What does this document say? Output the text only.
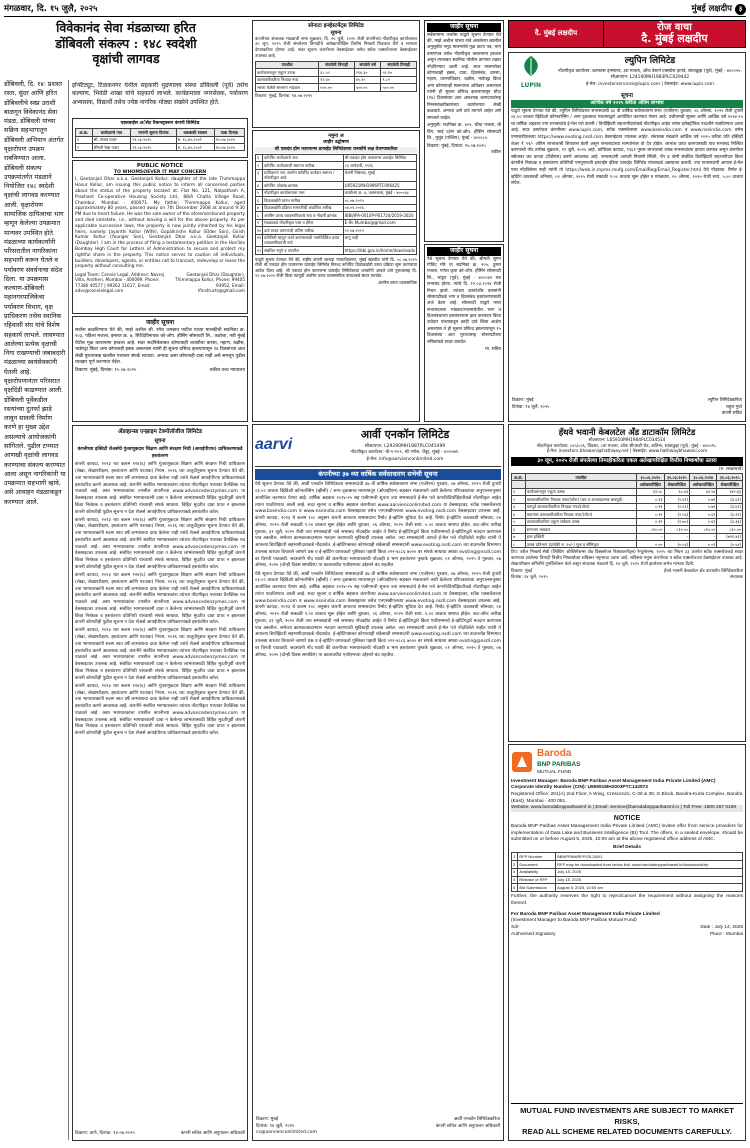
मंगळवार, दि. १५ जुलै, २०२५	मुंबई लक्षदीप ३
विवेकानंद सेवा मंडळाच्या हरित
डोंबिवली संकल्प : १४८ स्वदेशी
वृक्षांची लागवड

डोंबिवली, दि. १४: प्रशस्त रस्ता, सुंदर आणि हरित डोंबिवलीचे स्वप्न उराशी बाळगून विवेकानंद सेवा मंडळ, डोंबिवली यांच्या सक्रिय सहभागातून डोंबिवली अभियान अंतर्गत वृक्षारोपण उपक्रम राबविण्यात आला. डोंबिवली संकल्प उपक्रमांतर्गत मंडळाने नियोजित १४८ स्वदेशी वृक्षांची लागवड करण्यात आली. वृक्षारोपण सामाजिक दायित्वाचा भाग म्हणून केलेल्या उपक्रमात मान्यवर उपस्थित होते. मंडळाच्या कार्यकर्त्यांनी परिसरातील नागरिकांना सहभागी करून घेतले व पर्यावरण संवर्धनाचा संदेश दिला. या उपक्रमास कल्याण-डोंबिवली महानगरपालिकेचा पर्यावरण विभाग, वृक्ष प्राधिकरण तसेच स्थानिक रहिवासी संघ यांचे विशेष सहकार्य लाभले. लावण्यात आलेल्या प्रत्येक वृक्षाची निगा राखण्याची जबाबदारी मंडळाच्या स्वयंसेवकांनी घेतली आहे. वृक्षारोपणानंतर परिसरात वृक्षदिंडी काढण्यात आली. डोंबिवली पूर्वेकडील रस्त्यांच्या दुतर्फा झाडे लावून सावली निर्माण करणे हा मुख्य उद्देश असल्याचे आयोजकांनी सांगितले. पुढील टप्प्यात आणखी वृक्षांची लागवड करण्याचा संकल्प करण्यात आला असून नागरिकांनी या उपक्रमात सहभागी व्हावे, असे आवाहन मंडळाकडून करण्यात आले.

इन्स्टिट्यूट, टिळकनगर येथील सहकारी मुद्रणालय संस्था डोंबिवली (पूर्व) तसेच कल्याण, भिवंडी शाखा यांचे सहकार्य लाभले. कार्यक्रमाला नगरसेवक, पर्यावरण अभ्यासक, विद्यार्थी तसेच ज्येष्ठ नागरिक मोठ्या संख्येने उपस्थित होते.

एडलवाईस अॅसेट रिकन्स्ट्रक्शन कंपनी लिमिटेड
अ.क्र.	कर्जदाराचे नाव	मागणी सूचना दिनांक	थकबाकी रक्कम	ताबा दिनांक
१	श्री. संजय पवार	२१.०३.२०२५	रु. १८,४५,२००/-	१०.०७.२०२५
२	श्रीमती रेखा पवार	२१.०३.२०२५	रु. १८,४५,२००/-	१०.०७.२०२५
PUBLIC NOTICE
TO WHOMSOEVER IT MAY CONCERN

I, Geetanjali Dhar a.k.a. Geetanjali Kollur, daughter of the late Thimmappa Hosur Kollur, am issuing this public notice to inform all concerned parties about the status of the property located at: Flat No. 121, Nalpatham A, Prashant Co-operative Housing Society Ltd., 88/A Chatla Village Road, Chembur, Mumbai - 400071. My father, Thimmappa Kollur, aged approximately 80 years, passed away on 7th December 2008 at around 9:30 PM due to heart failure. He was the sole owner of the aforementioned property and died intestate, i.e., without leaving a will for the above property. As per applicable succession laws, the property is now jointly inherited by his legal heirs, namely: Jayanthi Kollur (Wife), Gopalkrishn Kollur (Elder Son), Girish Kumar Kollur (Younger Son), Geetanjali Dhar a.k.a. Geetanjali Kollur (Daughter). I am in the process of filing a testamentary petition in the Hon'ble Bombay High Court for Letters of Administration to secure and protect my rightful share in the property. This notice serves to caution all individuals, builders, developers, agents, or entities not to transact, redevelop or lease the property without consulting me.

Legal Team: Connie Legal, Address: Navroj Villa, Andheri, Mumbai - 400099. Phone: 77386 40577 | 99262 11617, Email: advs@connielegal.com
Geetanjali Dhar (Daughter), Thimmappa Kollur, Phone: 99405 93952, Email: lfinstructs@gmail.com
जाहीर सूचना

सर्वांना कळविण्यात येते की, माझे अशील श्री. रमेश जगन्नाथ पाटील यांच्या मालकीची सदनिका क्र. १०३, पहिला मजला, इमारत क्र. ७, सिध्दिविनायक को-ऑप. हौसिंग सोसायटी लि., तळोजा, नवी मुंबई येथील मूळ करारनामा हरवला आहे. सदर सदनिकेबाबत कोणत्याही व्यक्तीचा वारसा, गहाण, बक्षीस, भाडेपट्टा किंवा अन्य कोणताही हक्क असल्यास त्यांनी ही सूचना प्रसिध्द झाल्यापासून १४ दिवसांच्या आत लेखी पुराव्यासह खालील पत्त्यावर संपर्क साधावा. अन्यथा असा कोणताही दावा नाही असे समजून पुढील व्यवहार पूर्ण करण्यात येईल.

ठिकाण: मुंबई, दिनांक: १५.०७.२०२५	वकील उच्च न्यायालय
ॲडव्हान्स्ड एन्झाइम टेक्नॉलॉजीज लिमिटेड
सूचना
कंपनीच्या इक्विटी शेअर्सचे गुंतवणूकदार शिक्षण आणि संरक्षण निधी (आयईपीएफ) प्राधिकरणाकडे हस्तांतरण

कंपनी कायदा, २०१३ च्या कलम १२४(६) आणि गुंतवणूकदार शिक्षण आणि संरक्षण निधी प्राधिकरण (लेखा, लेखापरीक्षण, हस्तांतरण आणि परतावा) नियम, २०१६ च्या तरतुदीनुसार सूचना देण्यात येते की, ज्या भागधारकांनी सलग सात वर्षे लाभांशाचा दावा केलेला नाही त्यांचे शेअर्स आयईपीएफ प्राधिकरणाकडे हस्तांतरित करणे आवश्यक आहे. कंपनीने संबंधित भागधारकांना त्यांच्या नोंदणीकृत पत्त्यावर वैयक्तिक पत्र पाठवले आहे. अशा भागधारकांचा तपशील कंपनीच्या www.advancedenzymes.com या वेबसाइटवर उपलब्ध आहे. संबंधित भागधारकांनी दावा न केलेल्या लाभांशासाठी विहित मुदतीपूर्वी कंपनी किंवा निबंधक व हस्तांतरण प्रतिनिधी यांच्याशी संपर्क साधावा. विहित मुदतीत दावा प्राप्त न झाल्यास कंपनी कोणतीही पुढील सूचना न देता शेअर्स आयईपीएफ प्राधिकरणाकडे हस्तांतरित करेल.

कंपनी कायदा, २०१३ च्या कलम १२४(६) आणि गुंतवणूकदार शिक्षण आणि संरक्षण निधी प्राधिकरण (लेखा, लेखापरीक्षण, हस्तांतरण आणि परतावा) नियम, २०१६ च्या तरतुदीनुसार सूचना देण्यात येते की, ज्या भागधारकांनी सलग सात वर्षे लाभांशाचा दावा केलेला नाही त्यांचे शेअर्स आयईपीएफ प्राधिकरणाकडे हस्तांतरित करणे आवश्यक आहे. कंपनीने संबंधित भागधारकांना त्यांच्या नोंदणीकृत पत्त्यावर वैयक्तिक पत्र पाठवले आहे. अशा भागधारकांचा तपशील कंपनीच्या www.advancedenzymes.com या वेबसाइटवर उपलब्ध आहे. संबंधित भागधारकांनी दावा न केलेल्या लाभांशासाठी विहित मुदतीपूर्वी कंपनी किंवा निबंधक व हस्तांतरण प्रतिनिधी यांच्याशी संपर्क साधावा. विहित मुदतीत दावा प्राप्त न झाल्यास कंपनी कोणतीही पुढील सूचना न देता शेअर्स आयईपीएफ प्राधिकरणाकडे हस्तांतरित करेल.

कंपनी कायदा, २०१३ च्या कलम १२४(६) आणि गुंतवणूकदार शिक्षण आणि संरक्षण निधी प्राधिकरण (लेखा, लेखापरीक्षण, हस्तांतरण आणि परतावा) नियम, २०१६ च्या तरतुदीनुसार सूचना देण्यात येते की, ज्या भागधारकांनी सलग सात वर्षे लाभांशाचा दावा केलेला नाही त्यांचे शेअर्स आयईपीएफ प्राधिकरणाकडे हस्तांतरित करणे आवश्यक आहे. कंपनीने संबंधित भागधारकांना त्यांच्या नोंदणीकृत पत्त्यावर वैयक्तिक पत्र पाठवले आहे. अशा भागधारकांचा तपशील कंपनीच्या www.advancedenzymes.com या वेबसाइटवर उपलब्ध आहे. संबंधित भागधारकांनी दावा न केलेल्या लाभांशासाठी विहित मुदतीपूर्वी कंपनी किंवा निबंधक व हस्तांतरण प्रतिनिधी यांच्याशी संपर्क साधावा. विहित मुदतीत दावा प्राप्त न झाल्यास कंपनी कोणतीही पुढील सूचना न देता शेअर्स आयईपीएफ प्राधिकरणाकडे हस्तांतरित करेल.

कंपनी कायदा, २०१३ च्या कलम १२४(६) आणि गुंतवणूकदार शिक्षण आणि संरक्षण निधी प्राधिकरण (लेखा, लेखापरीक्षण, हस्तांतरण आणि परतावा) नियम, २०१६ च्या तरतुदीनुसार सूचना देण्यात येते की, ज्या भागधारकांनी सलग सात वर्षे लाभांशाचा दावा केलेला नाही त्यांचे शेअर्स आयईपीएफ प्राधिकरणाकडे हस्तांतरित करणे आवश्यक आहे. कंपनीने संबंधित भागधारकांना त्यांच्या नोंदणीकृत पत्त्यावर वैयक्तिक पत्र पाठवले आहे. अशा भागधारकांचा तपशील कंपनीच्या www.advancedenzymes.com या वेबसाइटवर उपलब्ध आहे. संबंधित भागधारकांनी दावा न केलेल्या लाभांशासाठी विहित मुदतीपूर्वी कंपनी किंवा निबंधक व हस्तांतरण प्रतिनिधी यांच्याशी संपर्क साधावा. विहित मुदतीत दावा प्राप्त न झाल्यास कंपनी कोणतीही पुढील सूचना न देता शेअर्स आयईपीएफ प्राधिकरणाकडे हस्तांतरित करेल.

कंपनी कायदा, २०१३ च्या कलम १२४(६) आणि गुंतवणूकदार शिक्षण आणि संरक्षण निधी प्राधिकरण (लेखा, लेखापरीक्षण, हस्तांतरण आणि परतावा) नियम, २०१६ च्या तरतुदीनुसार सूचना देण्यात येते की, ज्या भागधारकांनी सलग सात वर्षे लाभांशाचा दावा केलेला नाही त्यांचे शेअर्स आयईपीएफ प्राधिकरणाकडे हस्तांतरित करणे आवश्यक आहे. कंपनीने संबंधित भागधारकांना त्यांच्या नोंदणीकृत पत्त्यावर वैयक्तिक पत्र पाठवले आहे. अशा भागधारकांचा तपशील कंपनीच्या www.advancedenzymes.com या वेबसाइटवर उपलब्ध आहे. संबंधित भागधारकांनी दावा न केलेल्या लाभांशासाठी विहित मुदतीपूर्वी कंपनी किंवा निबंधक व हस्तांतरण प्रतिनिधी यांच्याशी संपर्क साधावा. विहित मुदतीत दावा प्राप्त न झाल्यास कंपनी कोणतीही पुढील सूचना न देता शेअर्स आयईपीएफ प्राधिकरणाकडे हस्तांतरित करेल.

ठिकाण: ठाणे, दिनांक: १४.०७.२०२५	कंपनी सचिव आणि अनुपालन अधिकारी
सोनाटा इन्व्हेस्टमेंट्स लिमिटेड
सूचना

कंपनीच्या संचालक मंडळाची सभा शुक्रवार, दि. २५ जुलै, २०२५ रोजी कंपनीच्या नोंदणीकृत कार्यालयात ३० जून, २०२५ रोजी संपलेल्या तिमाहीचे अलेखापरिक्षित वित्तीय निष्कर्ष विचारात घेणे व मान्यता देण्याकरिता होणार आहे. सदर सूचना कंपनीच्या वेबसाईटवर तसेच स्टॉक एक्सचेंजच्या वेबसाईटवर उपलब्ध आहे.

तपशील	संपलेली तिमाही	संपलेले वर्ष	संपलेली तिमाही
कार्यचलनातून एकूण उत्पन्न	६८.५२	२१४.३०	५२.१०
कालावधीकरिता निव्वळ नफा	१२.४०	४५.२०	९.८०
भरणा केलेले समभाग भांडवल	५००.००	५००.००	५००.००
ठिकाण: मुंबई, दिनांक: १४.०७.२०२५
नमुना अ
जाहीर उद्घोषणा
श्री एकदंत होम फायनान्स प्रायव्हेट लिमिटेडच्या धनकोंचे लक्ष वेधण्याकरिता
१	कॉर्पोरेट कर्जदाराचे नाव	श्री एकदंत होम फायनान्स प्रायव्हेट लिमिटेड
२	कॉर्पोरेट कर्जदाराची स्थापना तारीख	२३ जानेवारी, १९९६
३	प्राधिकरण ज्या अंतर्गत कॉर्पोरेट कर्जदार स्थापन / नोंदणीकृत आहे	कंपनी निबंधक, मुंबई
४	कॉर्पोरेट ओळख क्रमांक	U65921MH1996PTC096425
५	नोंदणीकृत कार्यालयाचा पत्ता	कार्यालय क्र. ४, तळमजला, मुंबई - ४०००६४
६	दिवाळखोरी प्रारंभ तारीख	०८.०७.२०२५
७	दिवाळखोरी प्रक्रिया समाप्तीची अंदाजित तारीख	०४.०१.२०२६
८	अंतरिम ठराव व्यावसायिकाचे नाव व नोंदणी क्रमांक	IBBI/IPA-001/IP-P01724/2019-2020
९	मंडळाकडे नोंदणीकृत पत्ता व ईमेल	E-Ifc.Mumbai@gmail.com
१०	दावे सादर करण्याची अंतिम तारीख	२२.०७.२०२५
११	प्रतिनिधी म्हणून कार्य करण्यासाठी नामनिर्देशित ठराव व्यावसायिकांची नावे	लागू नाही
१२	संबंधित नमुने व तपशील	https://ibbi.gov.in/home/downloads

याद्वारे सूचना देण्यात येते की, राष्ट्रीय कंपनी कायदा न्यायाधिकरण, मुंबई खंडपीठ यांनी दि. ०८.०७.२०२५ रोजी श्री एकदंत होम फायनान्स प्रायव्हेट लिमिटेड विरुध्द कॉर्पोरेट दिवाळखोरी ठराव प्रक्रिया सुरू करण्याचा आदेश दिला आहे. श्री एकदंत होम फायनान्स प्रायव्हेट लिमिटेडच्या धनकोंनी आपले दावे पुराव्यासह दि. २२.०७.२०२५ रोजी किंवा त्यापूर्वी अंतरिम ठराव व्यावसायिक यांच्याकडे सादर करावेत.

अंतरिम ठराव व्यावसायिक
aarvi
आर्वी एनकॉन लिमिटेड
सीआयएन: L29290MH1987PLC045499
नोंदणीकृत कार्यालय: बी-१-१०२, श्री गणेश, चेंबूर, मुंबई - ४०००७१.
ई-मेल: info@aarvienconlimited.com
कंपनीच्या ३७ व्या वार्षिक सर्वसाधारण सभेची सूचना

येथे सूचना देण्यात येते की, आर्वी एनकॉन लिमिटेडच्या सभासदांची ३७ वी वार्षिक सर्वसाधारण सभा (एजीएम) गुरुवार, ०७ ऑगस्ट, २०२५ रोजी दुपारी ०३.०० वाजता व्हिडिओ कॉन्फरन्सिंग (व्हीसी) / अन्य दृकश्राव्य माध्यमातून (ओएव्हीएम) सहकार मंत्रालयाने जारी केलेल्या परिपत्रकांच्या अनुपालनानुसार आयोजित करण्यात येणार आहे. वार्षिक अहवाल २०२४-२५ सह एजीएमची सूचना ज्या सभासदांचे ई-मेल पत्ते कंपनी/डिपॉझिटरीकडे नोंदणीकृत आहेत त्यांना पाठविण्यात आली आहे. सदर सूचना व वार्षिक अहवाल कंपनीच्या www.aarvienconlimited.com या वेबसाइटवर, स्टॉक एक्सचेंजच्या www.bseindia.com व www.nseindia.com वेबसाइटवर तसेच एनएसडीएलच्या www.evoting.nsdl.com वेबसाइटवर उपलब्ध आहे. कंपनी कायदा, २०१३ चे कलम १०८ अनुसार कंपनी आपल्या सभासदांना रिमोट ई-व्होटिंग सुविधा देत आहे. रिमोट ई-व्होटिंग कालावधी सोमवार, ०४ ऑगस्ट, २०२५ रोजी सकाळी ९.०० वाजता सुरू होईल आणि बुधवार, ०६ ऑगस्ट, २०२५ रोजी सायं. ५.०० वाजता समाप्त होईल. कट-ऑफ तारीख गुरुवार, ३१ जुलै, २०२५ रोजी ज्या सभासदांची नावे सभासद नोंदवहीत आहेत ते रिमोट ई-व्होटिंगद्वारे किंवा एजीएममध्ये ई-व्होटिंगद्वारे मतदान करण्यास पात्र असतील. सभेच्या कामकाजादरम्यान मतदान करण्याची सुविधाही उपलब्ध असेल. ज्या सभासदांनी आपले ई-मेल पत्ते नोंदविलेले नाहीत त्यांनी ते आपल्या डिपॉझिटरी सहभागीदाराकडे नोंदवावेत. ई-व्होटिंगबाबत कोणत्याही शंकेसाठी सभासदांनी www.evoting.nsdl.com च्या डाउनलोड विभागात उपलब्ध वारंवार विचारले जाणारे प्रश्न व ई-व्होटिंग वापरकर्ता पुस्तिका पहावी किंवा ०२२-४८८६ ७००० वर संपर्क साधावा अथवा evoting@nsdl.com वर विनंती पाठवावी. सदस्यांनी नोंद घ्यावी की कंपनीच्या भागधारकांची नोंदवही व भाग हस्तांतरण पुस्तके शुक्रवार, ०१ ऑगस्ट, २०२५ ते गुरुवार, ०७ ऑगस्ट, २०२५ (दोन्ही दिवस समाविष्ट) या कालावधीत एजीएमच्या उद्देशाने बंद राहतील.

येथे सूचना देण्यात येते की, आर्वी एनकॉन लिमिटेडच्या सभासदांची ३७ वी वार्षिक सर्वसाधारण सभा (एजीएम) गुरुवार, ०७ ऑगस्ट, २०२५ रोजी दुपारी ०३.०० वाजता व्हिडिओ कॉन्फरन्सिंग (व्हीसी) / अन्य दृकश्राव्य माध्यमातून (ओएव्हीएम) सहकार मंत्रालयाने जारी केलेल्या परिपत्रकांच्या अनुपालनानुसार आयोजित करण्यात येणार आहे. वार्षिक अहवाल २०२४-२५ सह एजीएमची सूचना ज्या सभासदांचे ई-मेल पत्ते कंपनी/डिपॉझिटरीकडे नोंदणीकृत आहेत त्यांना पाठविण्यात आली आहे. सदर सूचना व वार्षिक अहवाल कंपनीच्या www.aarvienconlimited.com या वेबसाइटवर, स्टॉक एक्सचेंजच्या www.bseindia.com व www.nseindia.com वेबसाइटवर तसेच एनएसडीएलच्या www.evoting.nsdl.com वेबसाइटवर उपलब्ध आहे. कंपनी कायदा, २०१३ चे कलम १०८ अनुसार कंपनी आपल्या सभासदांना रिमोट ई-व्होटिंग सुविधा देत आहे. रिमोट ई-व्होटिंग कालावधी सोमवार, ०४ ऑगस्ट, २०२५ रोजी सकाळी ९.०० वाजता सुरू होईल आणि बुधवार, ०६ ऑगस्ट, २०२५ रोजी सायं. ५.०० वाजता समाप्त होईल. कट-ऑफ तारीख गुरुवार, ३१ जुलै, २०२५ रोजी ज्या सभासदांची नावे सभासद नोंदवहीत आहेत ते रिमोट ई-व्होटिंगद्वारे किंवा एजीएममध्ये ई-व्होटिंगद्वारे मतदान करण्यास पात्र असतील. सभेच्या कामकाजादरम्यान मतदान करण्याची सुविधाही उपलब्ध असेल. ज्या सभासदांनी आपले ई-मेल पत्ते नोंदविलेले नाहीत त्यांनी ते आपल्या डिपॉझिटरी सहभागीदाराकडे नोंदवावेत. ई-व्होटिंगबाबत कोणत्याही शंकेसाठी सभासदांनी www.evoting.nsdl.com च्या डाउनलोड विभागात उपलब्ध वारंवार विचारले जाणारे प्रश्न व ई-व्होटिंग वापरकर्ता पुस्तिका पहावी किंवा ०२२-४८८६ ७००० वर संपर्क साधावा अथवा evoting@nsdl.com वर विनंती पाठवावी. सदस्यांनी नोंद घ्यावी की कंपनीच्या भागधारकांची नोंदवही व भाग हस्तांतरण पुस्तके शुक्रवार, ०१ ऑगस्ट, २०२५ ते गुरुवार, ०७ ऑगस्ट, २०२५ (दोन्ही दिवस समाविष्ट) या कालावधीत एजीएमच्या उद्देशाने बंद राहतील.

ठिकाण: मुंबई
दिनांक: १४ जुलै, २०२५
cs@aarvienconlimited.com
आर्वी एनकॉन लिमिटेडकरिता
कंपनी सचिव आणि अनुपालन अधिकारी
जाहीर सूचना

सर्वसामान्य जनतेस याद्वारे सूचना देण्यात येते की, माझे अशील यांच्या नावे असलेल्या खालील अनुसूचीत नमूद मालमत्तेचे मूळ वाटप पत्र, भाग प्रमाणपत्र तसेच नोंदणीकृत करारनामा हरवला असून त्याबाबत स्थानिक पोलीस ठाण्यात तक्रार नोंदविण्यात आली आहे. सदर मालमत्तेवर कोणाचाही हक्क, दावा, हितसंबंध, वारसा, गहाण, धारणाधिकार, बक्षीस, भाडेपट्टा किंवा अन्य कोणत्याही स्वरूपाचा अधिकार असल्यास त्यांनी ही सूचना प्रसिध्द झाल्यापासून चौदा (१४) दिवसांच्या आत आवश्यक कागदपत्रांसह निम्नस्वाक्षरीकारांच्या कार्यालयात लेखी कळवावे. अन्यथा असे दावे त्यागले आहेत असे समजले जाईल.

अनुसूची: सदनिका क्र. ४०२, चौथा मजला, बी विंग, साई दर्शन को-ऑप. हौसिंग सोसायटी लि., मुलुंड (पश्चिम), मुंबई - ४०००८०.

ठिकाण: मुंबई, दिनांक: १५.०७.२०२५
वकील
जाहीर सूचना

येथे सूचना देण्यात येते की, श्रीमती सुमन गोविंद मोरे या सदनिका क्र. २०५, दुसरा मजला, गणेश कृपा को-ऑप. हौसिंग सोसायटी लि., भांडुप (पूर्व), मुंबई - ४०००४२ च्या सभासद होत्या. त्यांचे दि. १२.०३.२०२४ रोजी निधन झाले. त्यांच्या कायदेशीर वारसांनी सोसायटीकडे भाग व हितसंबंध हस्तांतरणासाठी अर्ज केला आहे. सोसायटी याद्वारे मयत सभासदाच्या भांडवल/मालमत्तेतील भाग व हितसंबंधाच्या हस्तांतरणास इतर वारसदार किंवा दावेदार यांच्याकडून काही दावे किंवा आक्षेप असल्यास ते ही सूचना प्रसिध्द झाल्यापासून १५ दिवसांच्या आत पुराव्यासह सोसायटीच्या सचिवांकडे सादर करावेत.

मा. सचिव
दै. मुंबई लक्षदीप	रोज वाचा
दै. मुंबई लक्षदीप
LUPIN
ल्युपिन लिमिटेड
नोंदणीकृत कार्यालय: कल्पतरू इन्स्पायर, ३रा मजला, ऑफ वेस्टर्न एक्सप्रेस हायवे, सांताक्रुझ (पूर्व), मुंबई - ४०००५५.
सीआयएन: L24100MH1983PLC029442
ई-मेल: investorservices@lupin.com | वेबसाईट: www.lupin.com
सूचना
आर्थिक वर्ष २०२५ करिता अंतिम लाभांश

याद्वारे सूचना देण्यात येते की, ल्युपिन लिमिटेडच्या सभासदांची ४३ वी वार्षिक सर्वसाधारण सभा (एजीएम) बुधवार, ०६ ऑगस्ट, २०२५ रोजी दुपारी ०४.०० वाजता व्हिडिओ कॉन्फरन्सिंग / अन्य दृकश्राव्य माध्यमाद्वारे आयोजित करण्यात येणार आहे. एजीएमची सूचना आणि आर्थिक वर्ष २०२४-२५ चा वार्षिक अहवाल ज्या सभासदांचे ई-मेल पत्ते कंपनी / डिपॉझिटरी सहभागीदारांकडे नोंदणीकृत आहेत त्यांना इलेक्ट्रॉनिक पध्दतीने पाठविण्यात आला आहे. सदर दस्तऐवज कंपनीच्या www.lupin.com, स्टॉक एक्सचेंजच्या www.bseindia.com व www.nseindia.com तसेच एनएसडीएलच्या https://www.evoting.nsdl.com वेबसाईटवर उपलब्ध आहेत. संचालक मंडळाने आर्थिक वर्ष २०२५ करिता प्रति इक्विटी शेअर ₹ १२/- अंतिम लाभांशाची शिफारस केली असून सभासदांच्या मान्यतेनंतर तो देय होईल. लाभांश प्राप्त करण्यासाठी पात्र सभासद निश्चित करण्याची नोंद तारीख शुक्रवार, ११ जुलै, २०२५ आहे. प्राप्तिकर कायदा, १९६१ नुसार लाभांशाचे उत्पन्न सभासदांच्या हातात करपात्र असून कंपनीला स्त्रोतावर कर कपात (टीडीएस) करणे आवश्यक आहे. सभासदांनी आपली निवासी स्थिती, पॅन व श्रेणी संबंधित डिपॉझिटरी सहभागीदार किंवा कंपनीचे निबंधक व हस्तांतरण प्रतिनिधी एमयूएफजी इनटाईम इंडिया प्रायव्हेट लिमिटेड यांच्याकडे अद्ययावत करावी. ज्या सभासदांनी आपला ई-मेल पत्ता नोंदविलेला नाही त्यांनी तो https://web.in.mpms.mufg.com/EmailReg/Email_Register.html येथे नोंदवावा. रिमोट ई-व्होटिंग कालावधी शनिवार, ०२ ऑगस्ट, २०२५ रोजी सकाळी ९.०० वाजता सुरू होईल व मंगळवार, ०५ ऑगस्ट, २०२५ रोजी सायं. ५.०० वाजता संपेल.

ठिकाण: मुंबई
दिनांक: १४ जुलै, २०२५
ल्युपिन लिमिटेडकरिता
राहुल गुप्ते
कंपनी सचिव
हॅथवे भवानी केबलटेल अँड डाटाकॉम लिमिटेड
सीआयएन: L65910MH1984PLC034514
नोंदणीकृत कार्यालय: ८०५/८०६, विंडसर, ८वा मजला, ऑफ सीएसटी रोड, कलिना, सांताक्रुझ (पूर्व), मुंबई - ४०००९८.
ई-मेल: investors.bhawani@hathway.net | वेबसाईट: www.hathwaybhawani.com
३० जून, २०२५ रोजी संपलेल्या तिमाहीकरिता एकल अलेखापरिक्षित वित्तीय निष्कर्षांचा उतारा
(रु. लाखांमध्ये)
अ.क्र.	तपशील	३०.०६.२०२५	३१.०३.२०२५	३०.०६.२०२४	३१.०३.२०२५
		अलेखापरिक्षित	लेखापरिक्षित	अलेखापरिक्षित	लेखापरिक्षित
१	कार्यचलनातून एकूण उत्पन्न	६१.५८	६०.४३	६१.५४	२४२.६३
२	कालावधीकरिता निव्वळ नफा/(तोटा) (कर व अपवादात्मक बाबपूर्व)	०.११	(२.६९)	०.७९	(३.६१)
३	करपूर्व कालावधीकरिता निव्वळ नफा/(तोटा)	०.११	(२.६९)	०.७९	(३.६१)
४	करानंतर कालावधीकरिता निव्वळ नफा/(तोटा)	०.१९	(२.५६)	०.६१	(३.१९)
५	कालावधीकरिता एकूण सर्वंकष उत्पन्न	०.१९	(२.७०)	०.६१	(३.३३)
६	समभाग भांडवल	८१०.००	८१०.००	८१०.००	८१०.००
७	इतर इक्विटी	-	-	-	(७९९.४१)
८	उत्पन्न प्रतिभाग (प्रत्येकी रु. १०/-) मूळ व सौमिकृत	०.००	(०.०३)	०.०१	(०.०४)

टिप: वरील निष्कर्ष सेबी (लिस्टिंग ऑब्लिगेशन्स अँड डिस्क्लोजर रिक्वायरमेंट्स) रेग्युलेशन्स, २०१५ च्या नियम ३३ अंतर्गत स्टॉक एक्सचेंजकडे सादर करण्यात आलेल्या तिमाही वित्तीय निष्कर्षांच्या सविस्तर नमुन्याचा उतारा आहे. सविस्तर नमुना कंपनीच्या व स्टॉक एक्सचेंजच्या वेबसाईटवर उपलब्ध आहे. लेखापरिक्षण समितीने पुनर्विलोकन केले असून संचालक मंडळाने दि. १४ जुलै, २०२५ रोजी झालेल्या सभेत मान्यता दिली.

ठिकाण: मुंबई
दिनांक: १४ जुलै, २०२५
हॅथवे भवानी केबलटेल अँड डाटाकॉम लिमिटेडकरिता
संचालक
Baroda
BNP PARIBAS
MUTUAL FUND
Investment Manager: Baroda BNP Paribas Asset Management India Private Limited (AMC)
Corporate Identity Number (CIN): U65991MH2003PTC142972
Registered Office: 201(A) 2nd Floor, A Wing, Crescenzo, C-38 & 39, G Block, Bandra-Kurla Complex, Bandra (East), Mumbai - 400 051.
Website: www.barodabnpparibasmf.in | Email: service@barodabnpparibasmf.in | Toll Free: 1800 267 0189
NOTICE

Baroda BNP Paribas Asset Management India Private Limited (AMC) invites offer from service providers for implementation of Data Lake and Business Intelligence (BI) Tool. The offers, in a sealed envelope, should be submitted on or before August 5, 2025, 10:00 am at the above registered office address of AMC.

Brief Details
1	RFP Number	BBNPPAM/RFP/25-26/01
2	Document	RFP may be downloaded from below link: www.barodabnpparibasmf.in/downloads/rfp
3	Availability	July 15, 2025
4	Release of RFP	July 15, 2025
5	Bid Submission	August 5, 2025, 10:00 am

Further, the authority reserves the right to reject/cancel the requirement without assigning the reasons thereof.

For Baroda BNP Paribas Asset Management India Private Limited
(Investment Manager to Baroda BNP Paribas Mutual Fund)
Sd/-
Authorised Signatory
Date : July 14, 2025
Place : Mumbai
MUTUAL FUND INVESTMENTS ARE SUBJECT TO MARKET RISKS,
READ ALL SCHEME RELATED DOCUMENTS CAREFULLY.
